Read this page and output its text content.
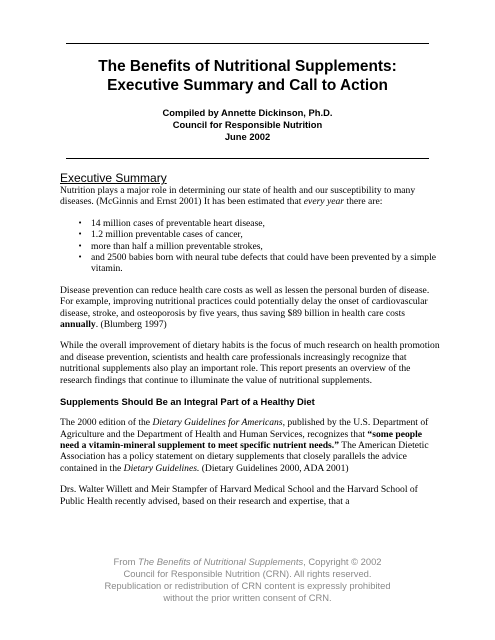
The Benefits of Nutritional Supplements:
Executive Summary and Call to Action
Compiled by Annette Dickinson, Ph.D.
Council for Responsible Nutrition
June 2002
Executive Summary

Nutrition plays a major role in determining our state of health and our susceptibility to many diseases. (McGinnis and Ernst 2001) It has been estimated that every year there are:

• 14 million cases of preventable heart disease,
• 1.2 million preventable cases of cancer,
• more than half a million preventable strokes,
• and 2500 babies born with neural tube defects that could have been prevented by a simple vitamin.

Disease prevention can reduce health care costs as well as lessen the personal burden of disease. For example, improving nutritional practices could potentially delay the onset of cardiovascular disease, stroke, and osteoporosis by five years, thus saving $89 billion in health care costs annually. (Blumberg 1997)

While the overall improvement of dietary habits is the focus of much research on health promotion and disease prevention, scientists and health care professionals increasingly recognize that nutritional supplements also play an important role. This report presents an overview of the research findings that continue to illuminate the value of nutritional supplements.

Supplements Should Be an Integral Part of a Healthy Diet

The 2000 edition of the Dietary Guidelines for Americans, published by the U.S. Department of Agriculture and the Department of Health and Human Services, recognizes that “some people need a vitamin-mineral supplement to meet specific nutrient needs.” The American Dietetic Association has a policy statement on dietary supplements that closely parallels the advice contained in the Dietary Guidelines. (Dietary Guidelines 2000, ADA 2001)

Drs. Walter Willett and Meir Stampfer of Harvard Medical School and the Harvard School of Public Health recently advised, based on their research and expertise, that a

From The Benefits of Nutritional Supplements, Copyright © 2002
Council for Responsible Nutrition (CRN). All rights reserved.
Republication or redistribution of CRN content is expressly prohibited
without the prior written consent of CRN.
